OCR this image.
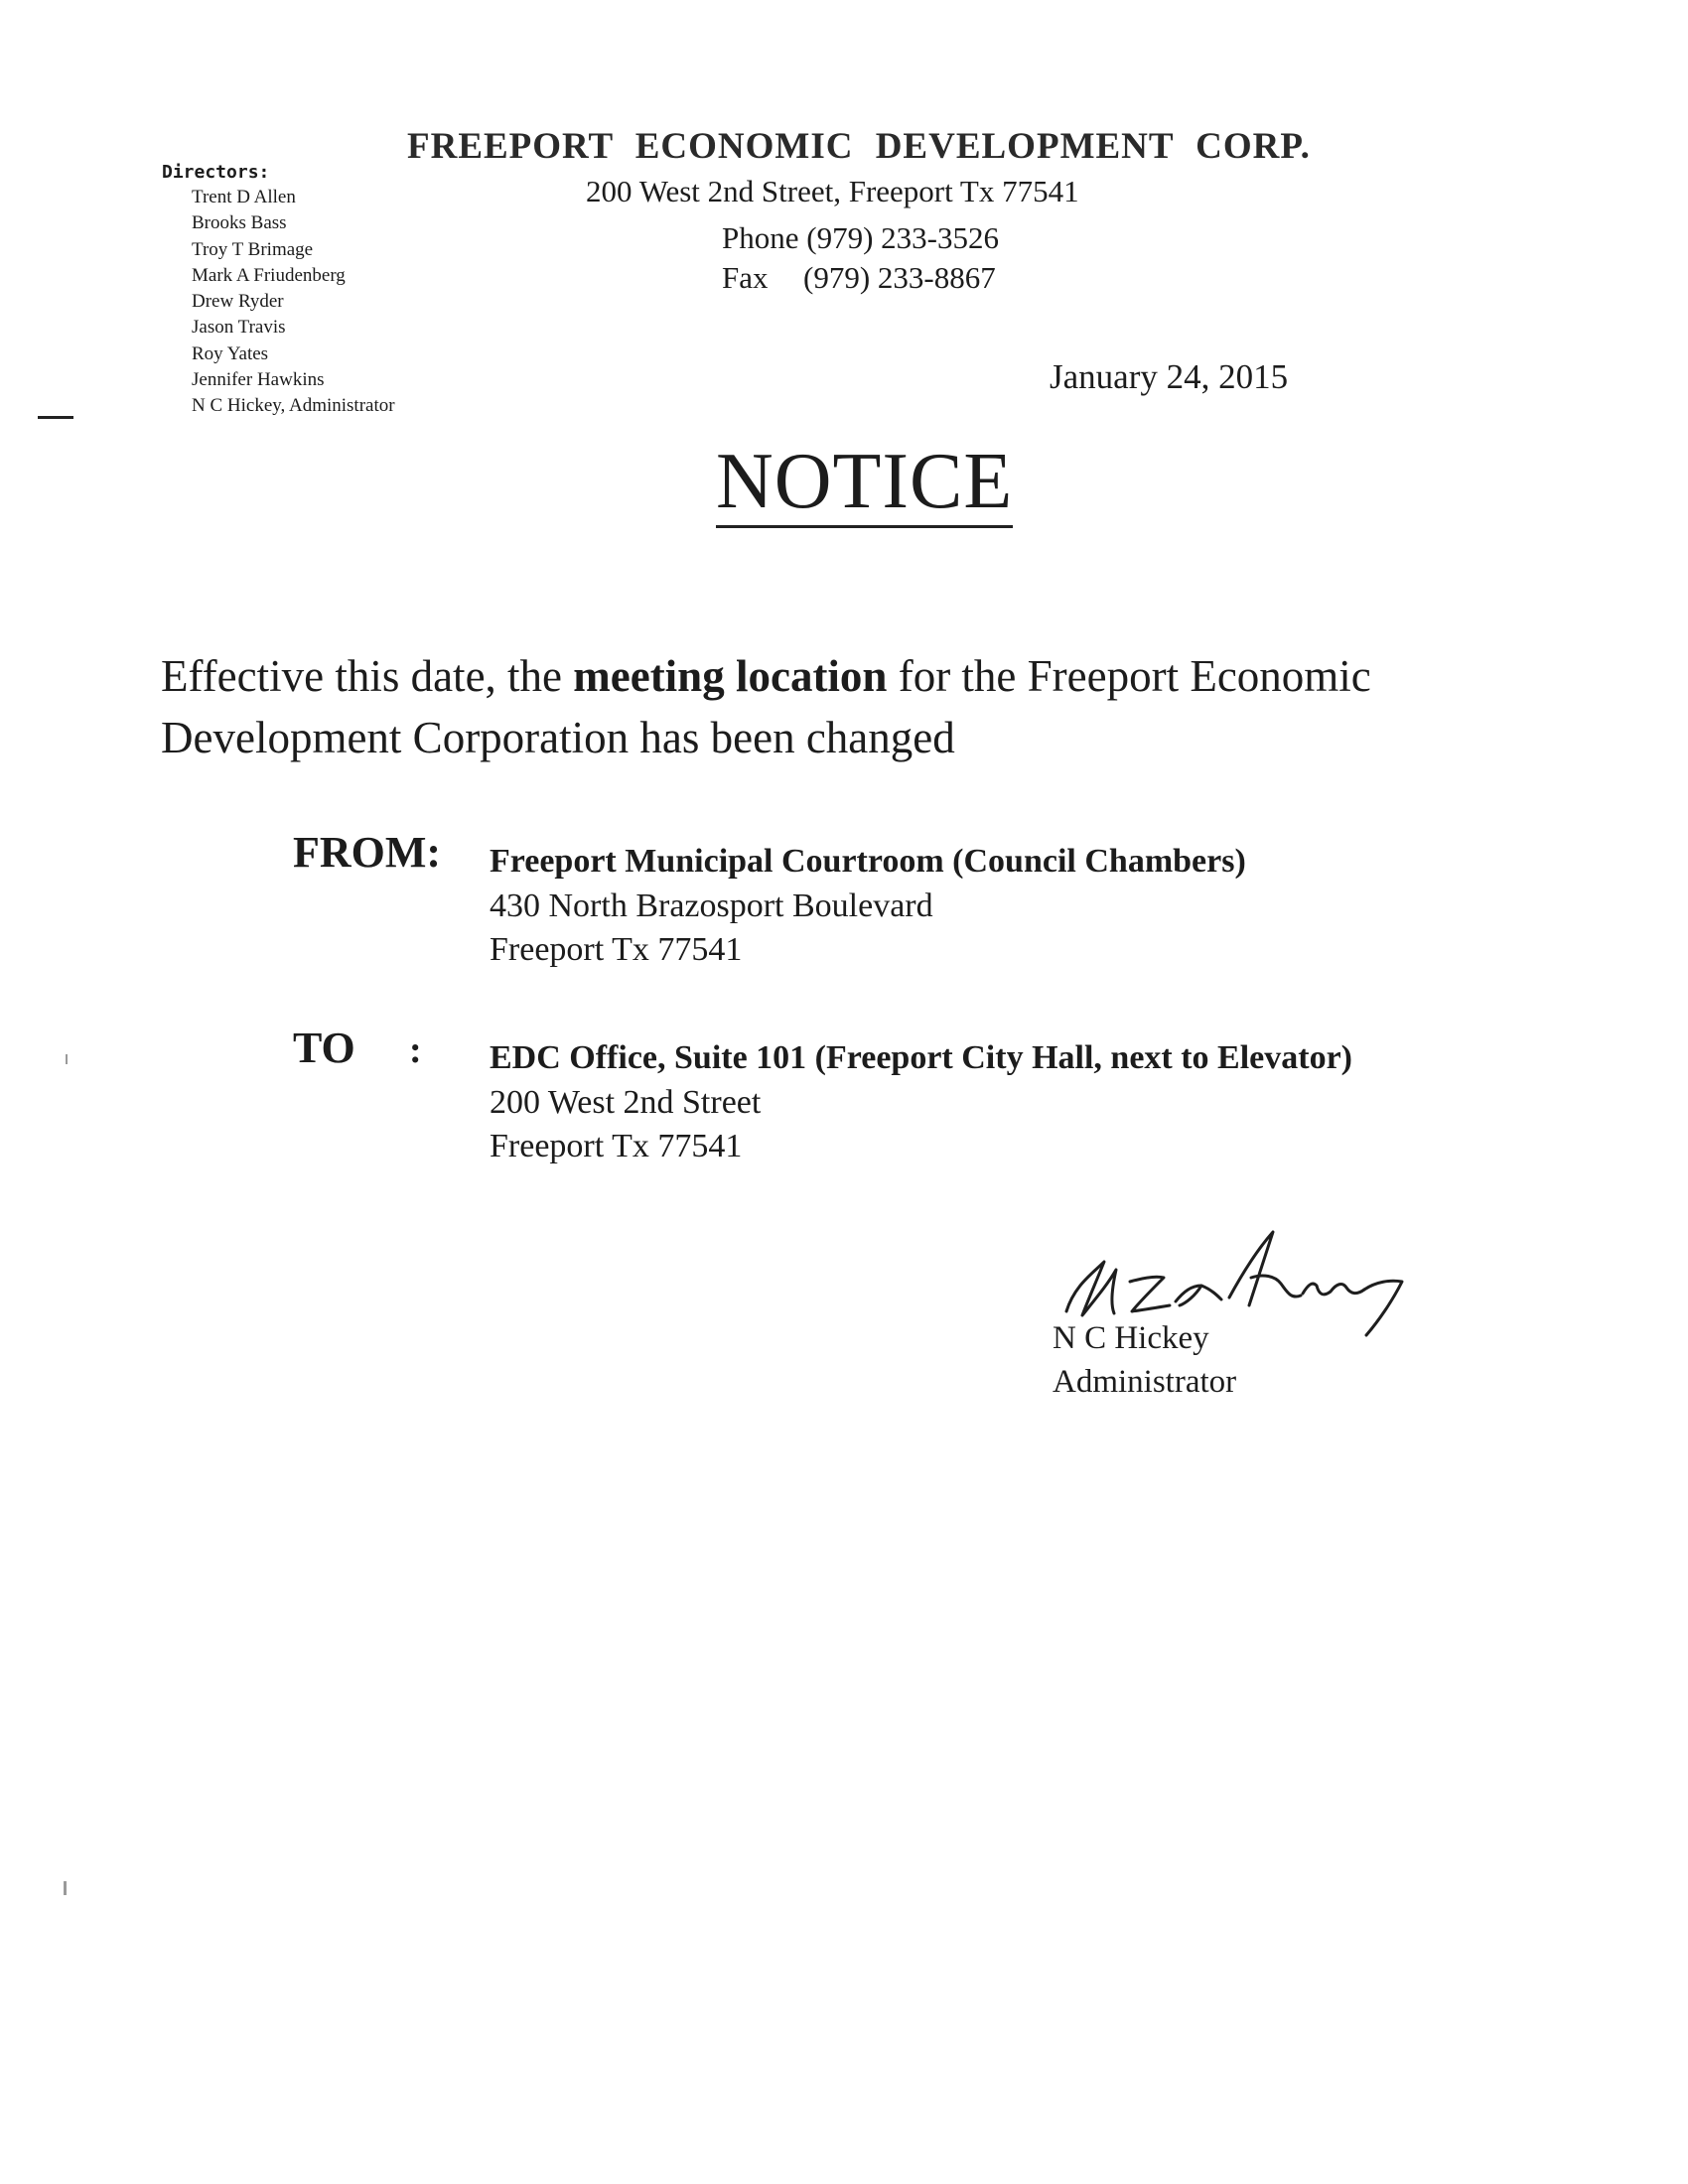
FREEPORT ECONOMIC DEVELOPMENT CORP.
200 West 2nd Street, Freeport Tx 77541
Phone (979) 233-3526
Fax (979) 233-8867
Directors:
Trent D Allen
Brooks Bass
Troy T Brimage
Mark A Friudenberg
Drew Ryder
Jason Travis
Roy Yates
Jennifer Hawkins
N C Hickey, Administrator
January 24, 2015
NOTICE
Effective this date, the meeting location for the Freeport Economic Development Corporation has been changed
FROM: Freeport Municipal Courtroom (Council Chambers)
430 North Brazosport Boulevard
Freeport Tx 77541
TO : EDC Office, Suite 101 (Freeport City Hall, next to Elevator)
200 West 2nd Street
Freeport Tx 77541
N C Hickey
Administrator
